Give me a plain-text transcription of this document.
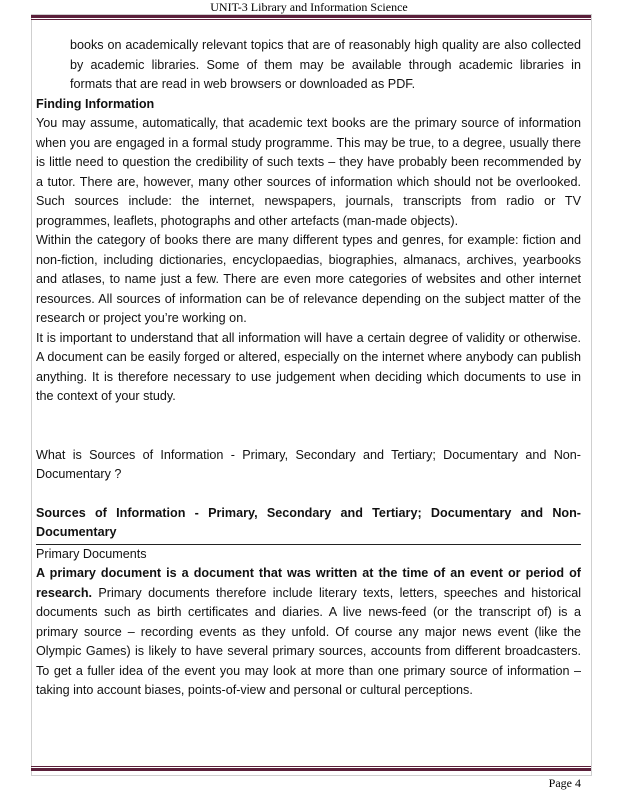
UNIT-3 Library and Information Science

books on academically relevant topics that are of reasonably high quality are also collected by academic libraries. Some of them may be available through academic libraries in formats that are read in web browsers or downloaded as PDF.

Finding Information

You may assume, automatically, that academic text books are the primary source of information when you are engaged in a formal study programme. This may be true, to a degree, usually there is little need to question the credibility of such texts – they have probably been recommended by a tutor. There are, however, many other sources of information which should not be overlooked. Such sources include: the internet, newspapers, journals, transcripts from radio or TV programmes, leaflets, photographs and other artefacts (man-made objects).

Within the category of books there are many different types and genres, for example: fiction and non-fiction, including dictionaries, encyclopaedias, biographies, almanacs, archives, yearbooks and atlases, to name just a few. There are even more categories of websites and other internet resources. All sources of information can be of relevance depending on the subject matter of the research or project you’re working on.

It is important to understand that all information will have a certain degree of validity or otherwise. A document can be easily forged or altered, especially on the internet where anybody can publish anything. It is therefore necessary to use judgement when deciding which documents to use in the context of your study.

What is Sources of Information - Primary, Secondary and Tertiary; Documentary and Non-Documentary ?

Sources of Information - Primary, Secondary and Tertiary; Documentary and Non-Documentary

Primary Documents

A primary document is a document that was written at the time of an event or period of research. Primary documents therefore include literary texts, letters, speeches and historical documents such as birth certificates and diaries. A live news-feed (or the transcript of) is a primary source – recording events as they unfold. Of course any major news event (like the Olympic Games) is likely to have several primary sources, accounts from different broadcasters. To get a fuller idea of the event you may look at more than one primary source of information – taking into account biases, points-of-view and personal or cultural perceptions.

Page 4
